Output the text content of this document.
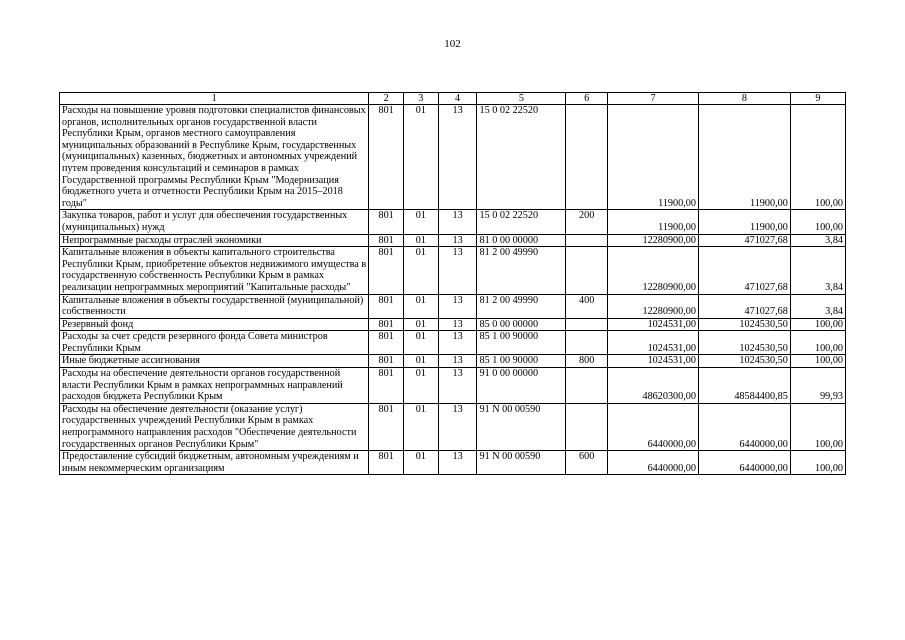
102
1	2	3	4	5	6	7	8	9
Расходы на повышение уровня подготовки специалистов финансовых органов, исполнительных органов государственной власти Республики Крым, органов местного самоуправления муниципальных образований в Республике Крым, государственных (муниципальных) казенных, бюджетных и автономных учреждений путем проведения консультаций и семинаров в рамках Государственной программы Республики Крым "Модернизация бюджетного учета и отчетности Республики Крым на 2015–2018 годы"	801	01	13	15 0 02 22520		11900,00	11900,00	100,00
Закупка товаров, работ и услуг для обеспечения государственных (муниципальных) нужд	801	01	13	15 0 02 22520	200	11900,00	11900,00	100,00
Непрограммные расходы отраслей экономики	801	01	13	81 0 00 00000		12280900,00	471027,68	3,84
Капитальные вложения в объекты капитального строительства Республики Крым, приобретение объектов недвижимого имущества в государственную собственность Республики Крым в рамках реализации непрограммных мероприятий "Капитальные расходы"	801	01	13	81 2 00 49990		12280900,00	471027,68	3,84
Капитальные вложения в объекты государственной (муниципальной) собственности	801	01	13	81 2 00 49990	400	12280900,00	471027,68	3,84
Резервный фонд	801	01	13	85 0 00 00000		1024531,00	1024530,50	100,00
Расходы за счет средств резервного фонда Совета министров Республики Крым	801	01	13	85 1 00 90000		1024531,00	1024530,50	100,00
Иные бюджетные ассигнования	801	01	13	85 1 00 90000	800	1024531,00	1024530,50	100,00
Расходы на обеспечение деятельности органов государственной власти Республики Крым в рамках непрограммных направлений расходов бюджета Республики Крым	801	01	13	91 0 00 00000		48620300,00	48584400,85	99,93
Расходы на обеспечение деятельности (оказание услуг) государственных учреждений Республики Крым в рамках непрограммного направления расходов "Обеспечение деятельности государственных органов Республики Крым"	801	01	13	91 N 00 00590		6440000,00	6440000,00	100,00
Предоставление субсидий бюджетным, автономным учреждениям и иным некоммерческим организациям	801	01	13	91 N 00 00590	600	6440000,00	6440000,00	100,00
